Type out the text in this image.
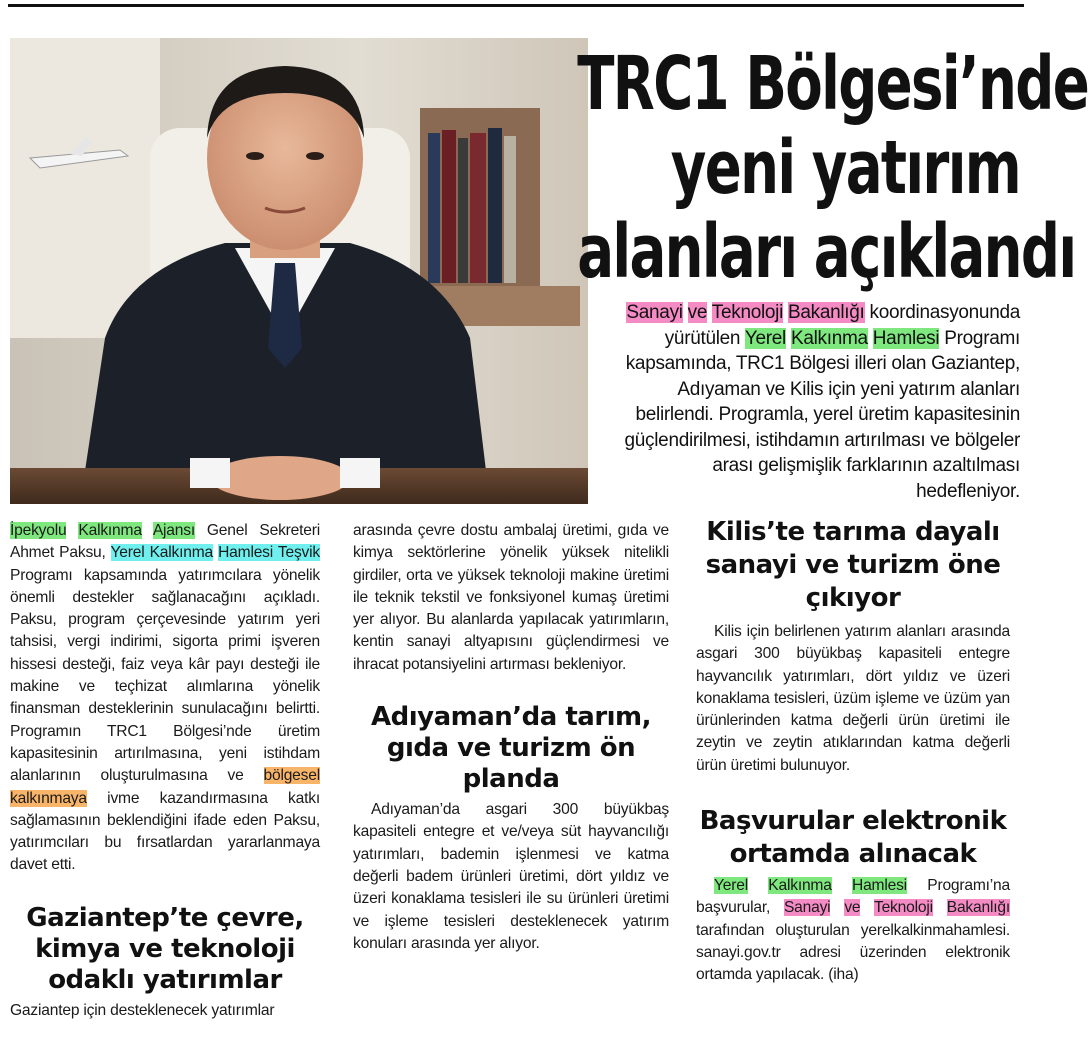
TRC1 Bölgesi’nde
yeni yatırım
alanları açıklandı

Sanayi ve Teknoloji Bakanlığı koordinasyonunda yürütülen Yerel Kalkınma Hamlesi Programı kapsamında, TRC1 Bölgesi illeri olan Gaziantep, Adıyaman ve Kilis için yeni yatırım alanları belirlendi. Programla, yerel üretim kapasitesinin güçlendirilmesi, istihdamın artırılması ve bölgeler arası gelişmişlik farklarının azaltılması hedefleniyor.

İpekyolu Kalkınma Ajansı Genel Sekreteri Ahmet Paksu, Yerel Kalkınma Hamlesi Teşvik Programı kapsamında yatırımcılara yönelik önemli destekler sağlanacağını açıkladı. Paksu, program çerçevesinde yatırım yeri tahsisi, vergi indirimi, sigorta primi işveren hissesi desteği, faiz veya kâr payı desteği ile makine ve teçhizat alımlarına yönelik finansman desteklerinin sunulacağını belirtti. Programın TRC1 Bölgesi’nde üretim kapasitesinin artırılmasına, yeni istihdam alanlarının oluşturulmasına ve bölgesel kalkınmaya ivme kazandırmasına katkı sağlamasının beklendiğini ifade eden Paksu, yatırımcıları bu fırsatlardan yararlanmaya davet etti.

Gaziantep’te çevre, kimya ve teknoloji odaklı yatırımlar

Gaziantep için desteklenecek yatırımlar

arasında çevre dostu ambalaj üretimi, gıda ve kimya sektörlerine yönelik yüksek nitelikli girdiler, orta ve yüksek teknoloji makine üretimi ile teknik tekstil ve fonksiyonel kumaş üretimi yer alıyor. Bu alanlarda yapılacak yatırımların, kentin sanayi altyapısını güçlendirmesi ve ihracat potansiyelini artırması bekleniyor.

Adıyaman’da tarım, gıda ve turizm ön planda

Adıyaman’da asgari 300 büyükbaş kapasiteli entegre et ve/veya süt hayvancılığı yatırımları, bademin işlenmesi ve katma değerli badem ürünleri üretimi, dört yıldız ve üzeri konaklama tesisleri ile su ürünleri üretimi ve işleme tesisleri desteklenecek yatırım konuları arasında yer alıyor.

Kilis’te tarıma dayalı sanayi ve turizm öne çıkıyor

Kilis için belirlenen yatırım alanları arasında asgari 300 büyükbaş kapasiteli entegre hayvancılık yatırımları, dört yıldız ve üzeri konaklama tesisleri, üzüm işleme ve üzüm yan ürünlerinden katma değerli ürün üretimi ile zeytin ve zeytin atıklarından katma değerli ürün üretimi bulunuyor.

Başvurular elektronik ortamda alınacak

Yerel Kalkınma Hamlesi Programı’na başvurular, Sanayi ve Teknoloji Bakanlığı tarafından oluşturulan yerelkalkinmahamlesi. sanayi.gov.tr adresi üzerinden elektronik ortamda yapılacak. (iha)
